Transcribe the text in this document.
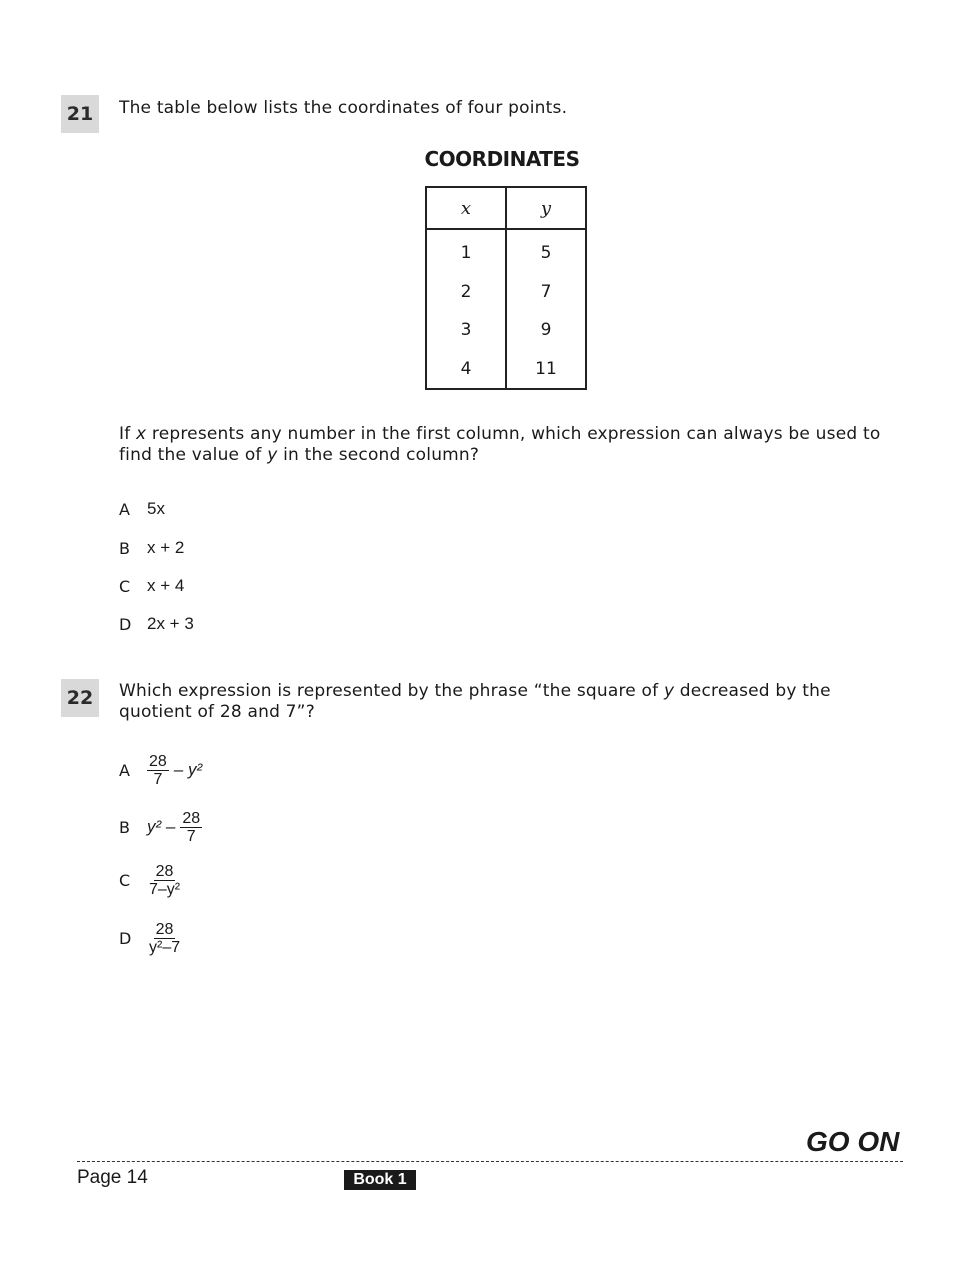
21	The table below lists the coordinates of four points.
COORDINATES
x	y
1	5
2	7
3	9
4	11
If x represents any number in the first column, which expression can always be used to find the value of y in the second column?
A	5x
B	x + 2
C x + 4
D 2x + 3
22	Which expression is represented by the phrase “the square of y decreased by the quotient of 28 and 7”?
A	$\frac{28}{7} - y^2$
B	$y^2 - \frac{28}{7}$
C	$\frac{28}{\text{7–y²}}$
D $\frac{28}{\text{y²–7}}$
GO ON
Page 14	Book 1
